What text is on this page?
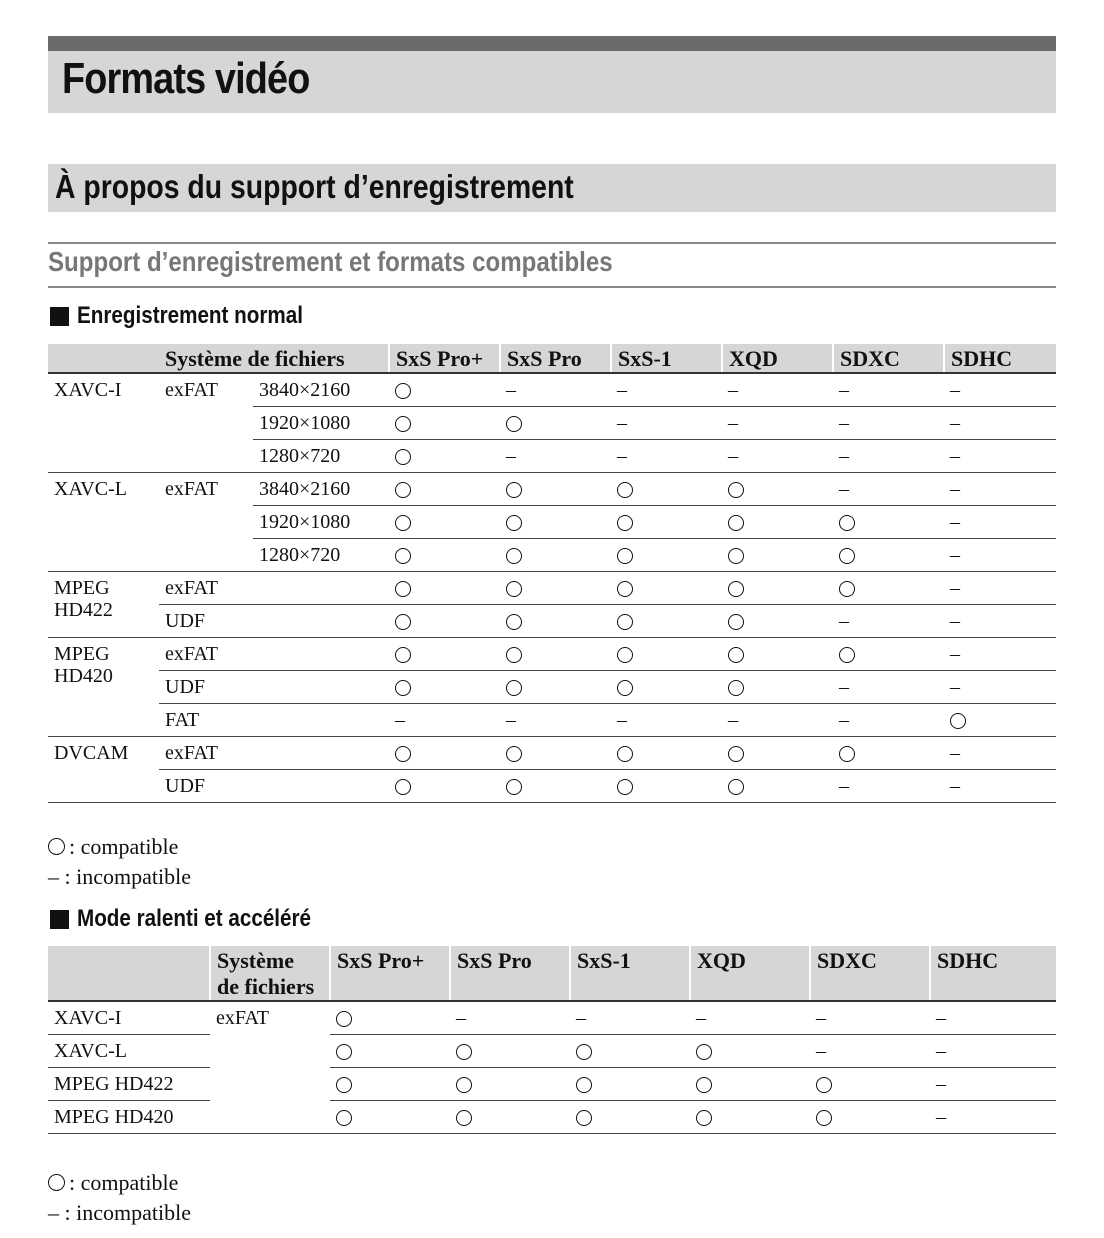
Formats vidéo
À propos du support d’enregistrement
Support d’enregistrement et formats compatibles
Enregistrement normal
	Système de fichiers		SxS Pro+	SxS Pro	SxS-1	XQD	SDXC	SDHC
XAVC-I	exFAT	3840×2160		–	–	–	–	–
		1920×1080			–	–	–	–
		1280×720		–	–	–	–	–
XAVC-L	exFAT	3840×2160					–	–
		1920×1080						–
		1280×720						–
MPEG
HD422	exFAT							–
	UDF						–	–
MPEG
HD420	exFAT							–
	UDF						–	–
	FAT		–	–	–	–	–	
DVCAM	exFAT							–
	UDF						–	–
: compatible
– : incompatible
Mode ralenti et accéléré
	Système
de fichiers	SxS Pro+	SxS Pro	SxS-1	XQD	SDXC	SDHC
XAVC-I	exFAT		–	–	–	–	–
XAVC-L						–	–
MPEG HD422							–
MPEG HD420							–
: compatible
– : incompatible
